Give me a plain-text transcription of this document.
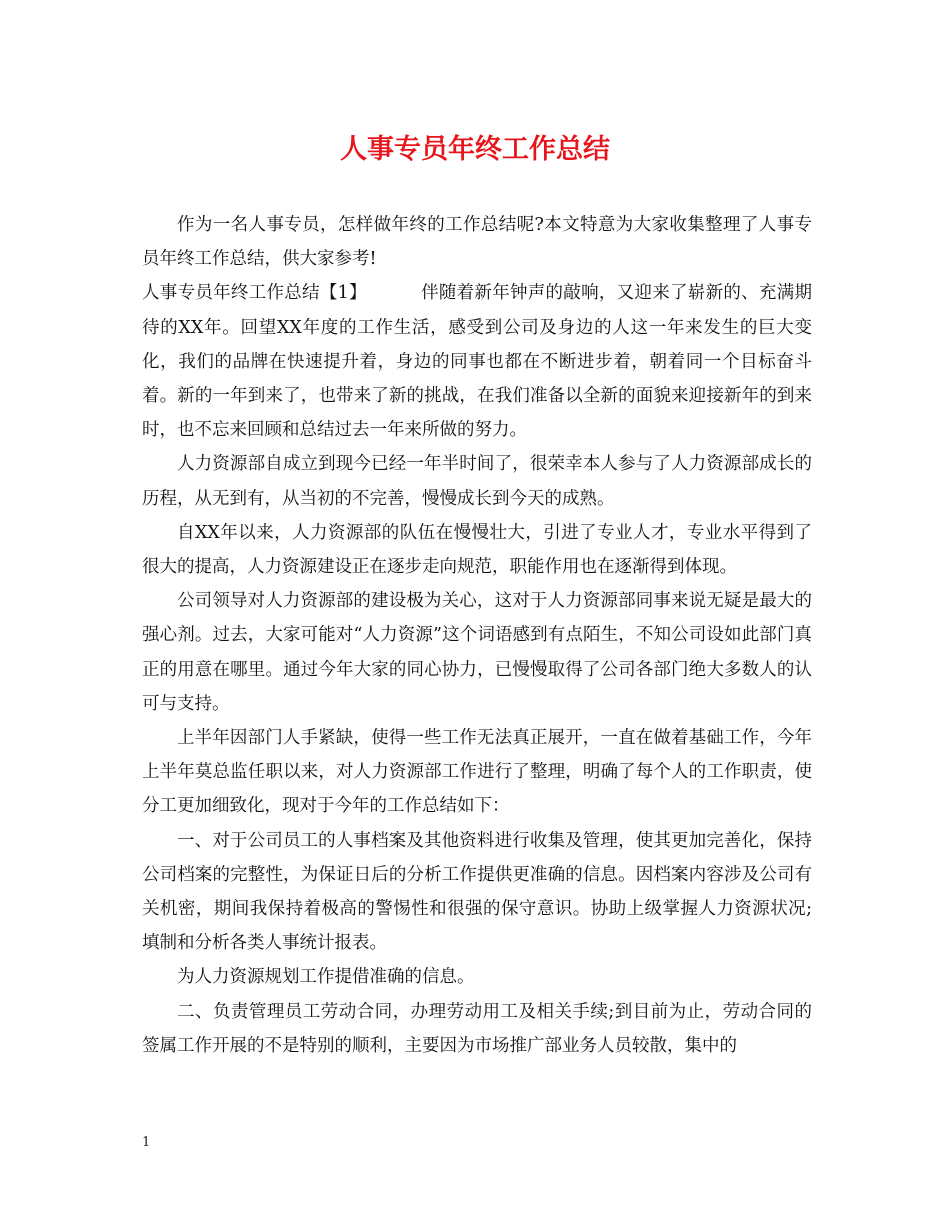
人事专员年终工作总结

作为一名人事专员，怎样做年终的工作总结呢?本文特意为大家收集整理了人事专员年终工作总结，供大家参考!

人事专员年终工作总结【1】	伴随着新年钟声的敲响，又迎来了崭新的、充满期待的XX年。回望XX年度的工作生活，感受到公司及身边的人这一年来发生的巨大变化，我们的品牌在快速提升着，身边的同事也都在不断进步着，朝着同一个目标奋斗着。新的一年到来了，也带来了新的挑战，在我们准备以全新的面貌来迎接新年的到来时，也不忘来回顾和总结过去一年来所做的努力。

人力资源部自成立到现今已经一年半时间了，很荣幸本人参与了人力资源部成长的历程，从无到有，从当初的不完善，慢慢成长到今天的成熟。

自XX年以来，人力资源部的队伍在慢慢壮大，引进了专业人才，专业水平得到了很大的提高，人力资源建设正在逐步走向规范，职能作用也在逐渐得到体现。

公司领导对人力资源部的建设极为关心，这对于人力资源部同事来说无疑是最大的强心剂。过去，大家可能对“人力资源”这个词语感到有点陌生，不知公司设如此部门真正的用意在哪里。通过今年大家的同心协力，已慢慢取得了公司各部门绝大多数人的认可与支持。

上半年因部门人手紧缺，使得一些工作无法真正展开，一直在做着基础工作，今年上半年莫总监任职以来，对人力资源部工作进行了整理，明确了每个人的工作职责，使分工更加细致化，现对于今年的工作总结如下：

一、对于公司员工的人事档案及其他资料进行收集及管理，使其更加完善化，保持公司档案的完整性，为保证日后的分析工作提供更准确的信息。因档案内容涉及公司有关机密，期间我保持着极高的警惕性和很强的保守意识。协助上级掌握人力资源状况;填制和分析各类人事统计报表。

为人力资源规划工作提借准确的信息。

二、负责管理员工劳动合同，办理劳动用工及相关手续;到目前为止，劳动合同的签属工作开展的不是特别的顺利，主要因为市场推广部业务人员较散，集中的

1
